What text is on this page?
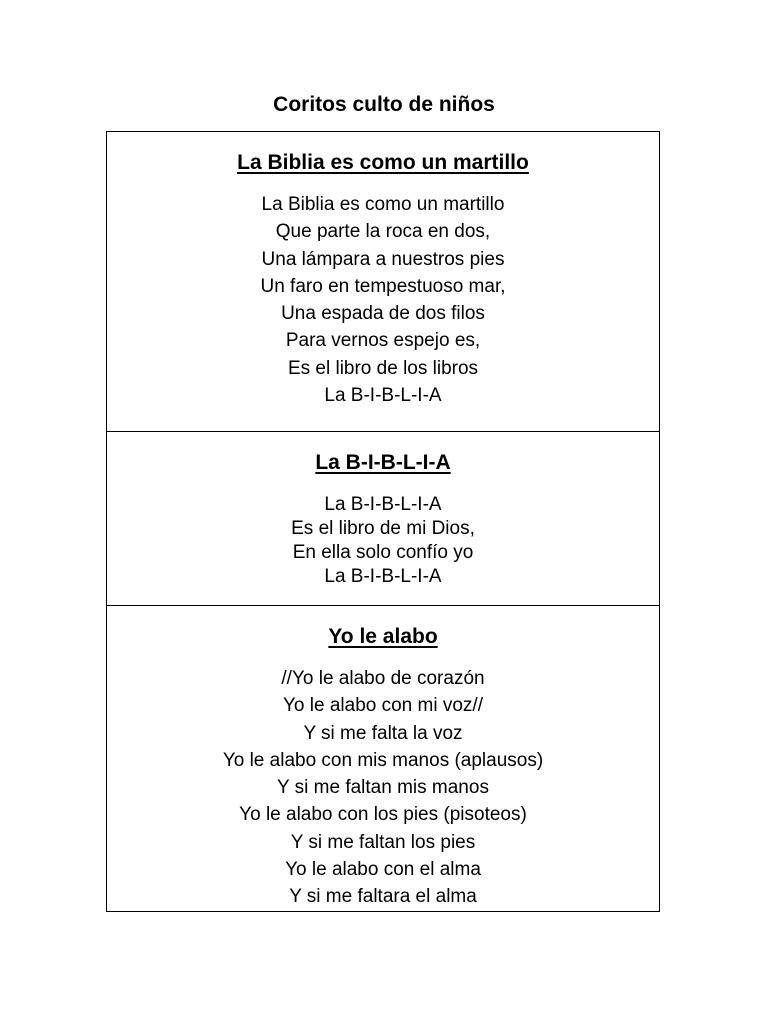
Coritos culto de niños
La Biblia es como un martillo
La Biblia es como un martillo
Que parte la roca en dos,
Una lámpara a nuestros pies
Un faro en tempestuoso mar,
Una espada de dos filos
Para vernos espejo es,
Es el libro de los libros
La B-I-B-L-I-A
La B-I-B-L-I-A
La B-I-B-L-I-A
Es el libro de mi Dios,
En ella solo confío yo
La B-I-B-L-I-A
Yo le alabo
//Yo le alabo de corazón
Yo le alabo con mi voz//
Y si me falta la voz
Yo le alabo con mis manos (aplausos)
Y si me faltan mis manos
Yo le alabo con los pies (pisoteos)
Y si me faltan los pies
Yo le alabo con el alma
Y si me faltara el alma
